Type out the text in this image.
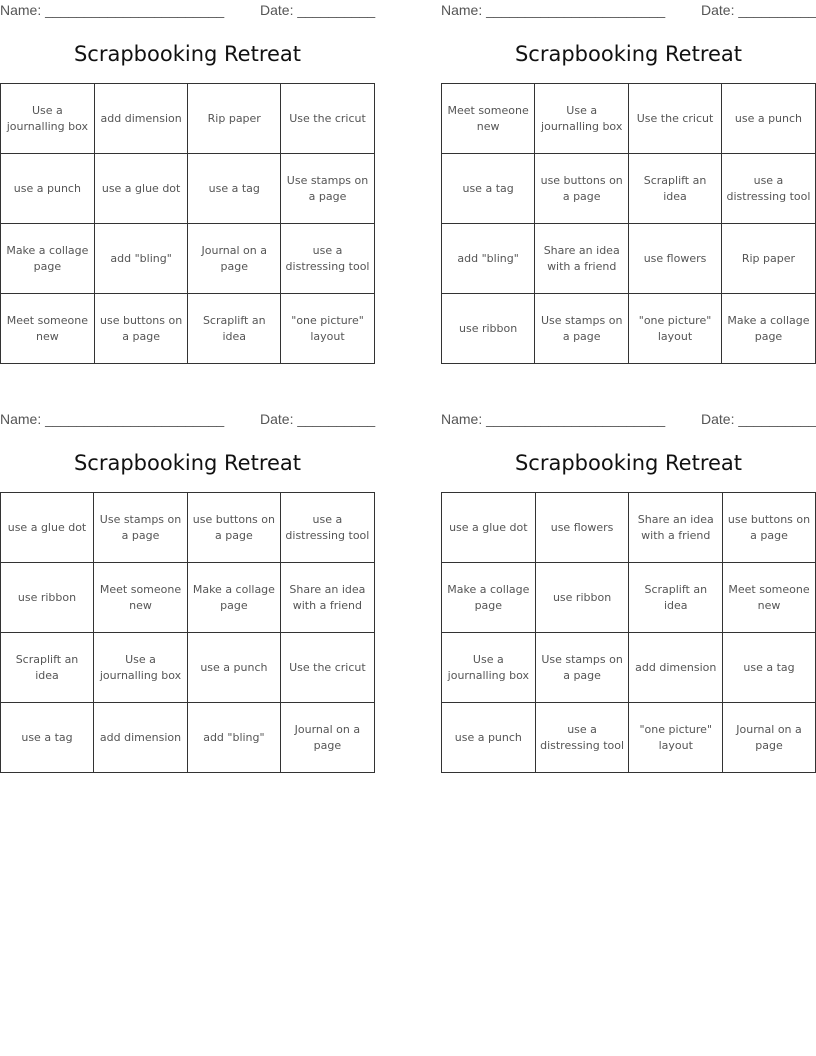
Name: _______________________	Date: __________
Scrapbooking Retreat
Use a journalling box	add dimension	Rip paper	Use the cricut
use a punch	use a glue dot	use a tag	Use stamps on a page
Make a collage page	add "bling"	Journal on a page	use a distressing tool
Meet someone new	use buttons on a page	Scraplift an idea	"one picture" layout
Name: _______________________	Date: __________
Scrapbooking Retreat
Meet someone new	Use a journalling box	Use the cricut	use a punch
use a tag	use buttons on a page	Scraplift an idea	use a distressing tool
add "bling"	Share an idea with a friend	use flowers	Rip paper
use ribbon	Use stamps on a page	"one picture" layout	Make a collage page
Name: _______________________	Date: __________
Scrapbooking Retreat
use a glue dot	Use stamps on a page	use buttons on a page	use a distressing tool
use ribbon	Meet someone new	Make a collage page	Share an idea with a friend
Scraplift an idea	Use a journalling box	use a punch	Use the cricut
use a tag	add dimension	add "bling"	Journal on a page
Name: _______________________	Date: __________
Scrapbooking Retreat
use a glue dot	use flowers	Share an idea with a friend	use buttons on a page
Make a collage page	use ribbon	Scraplift an idea	Meet someone new
Use a journalling box	Use stamps on a page	add dimension	use a tag
use a punch	use a distressing tool	"one picture" layout	Journal on a page
